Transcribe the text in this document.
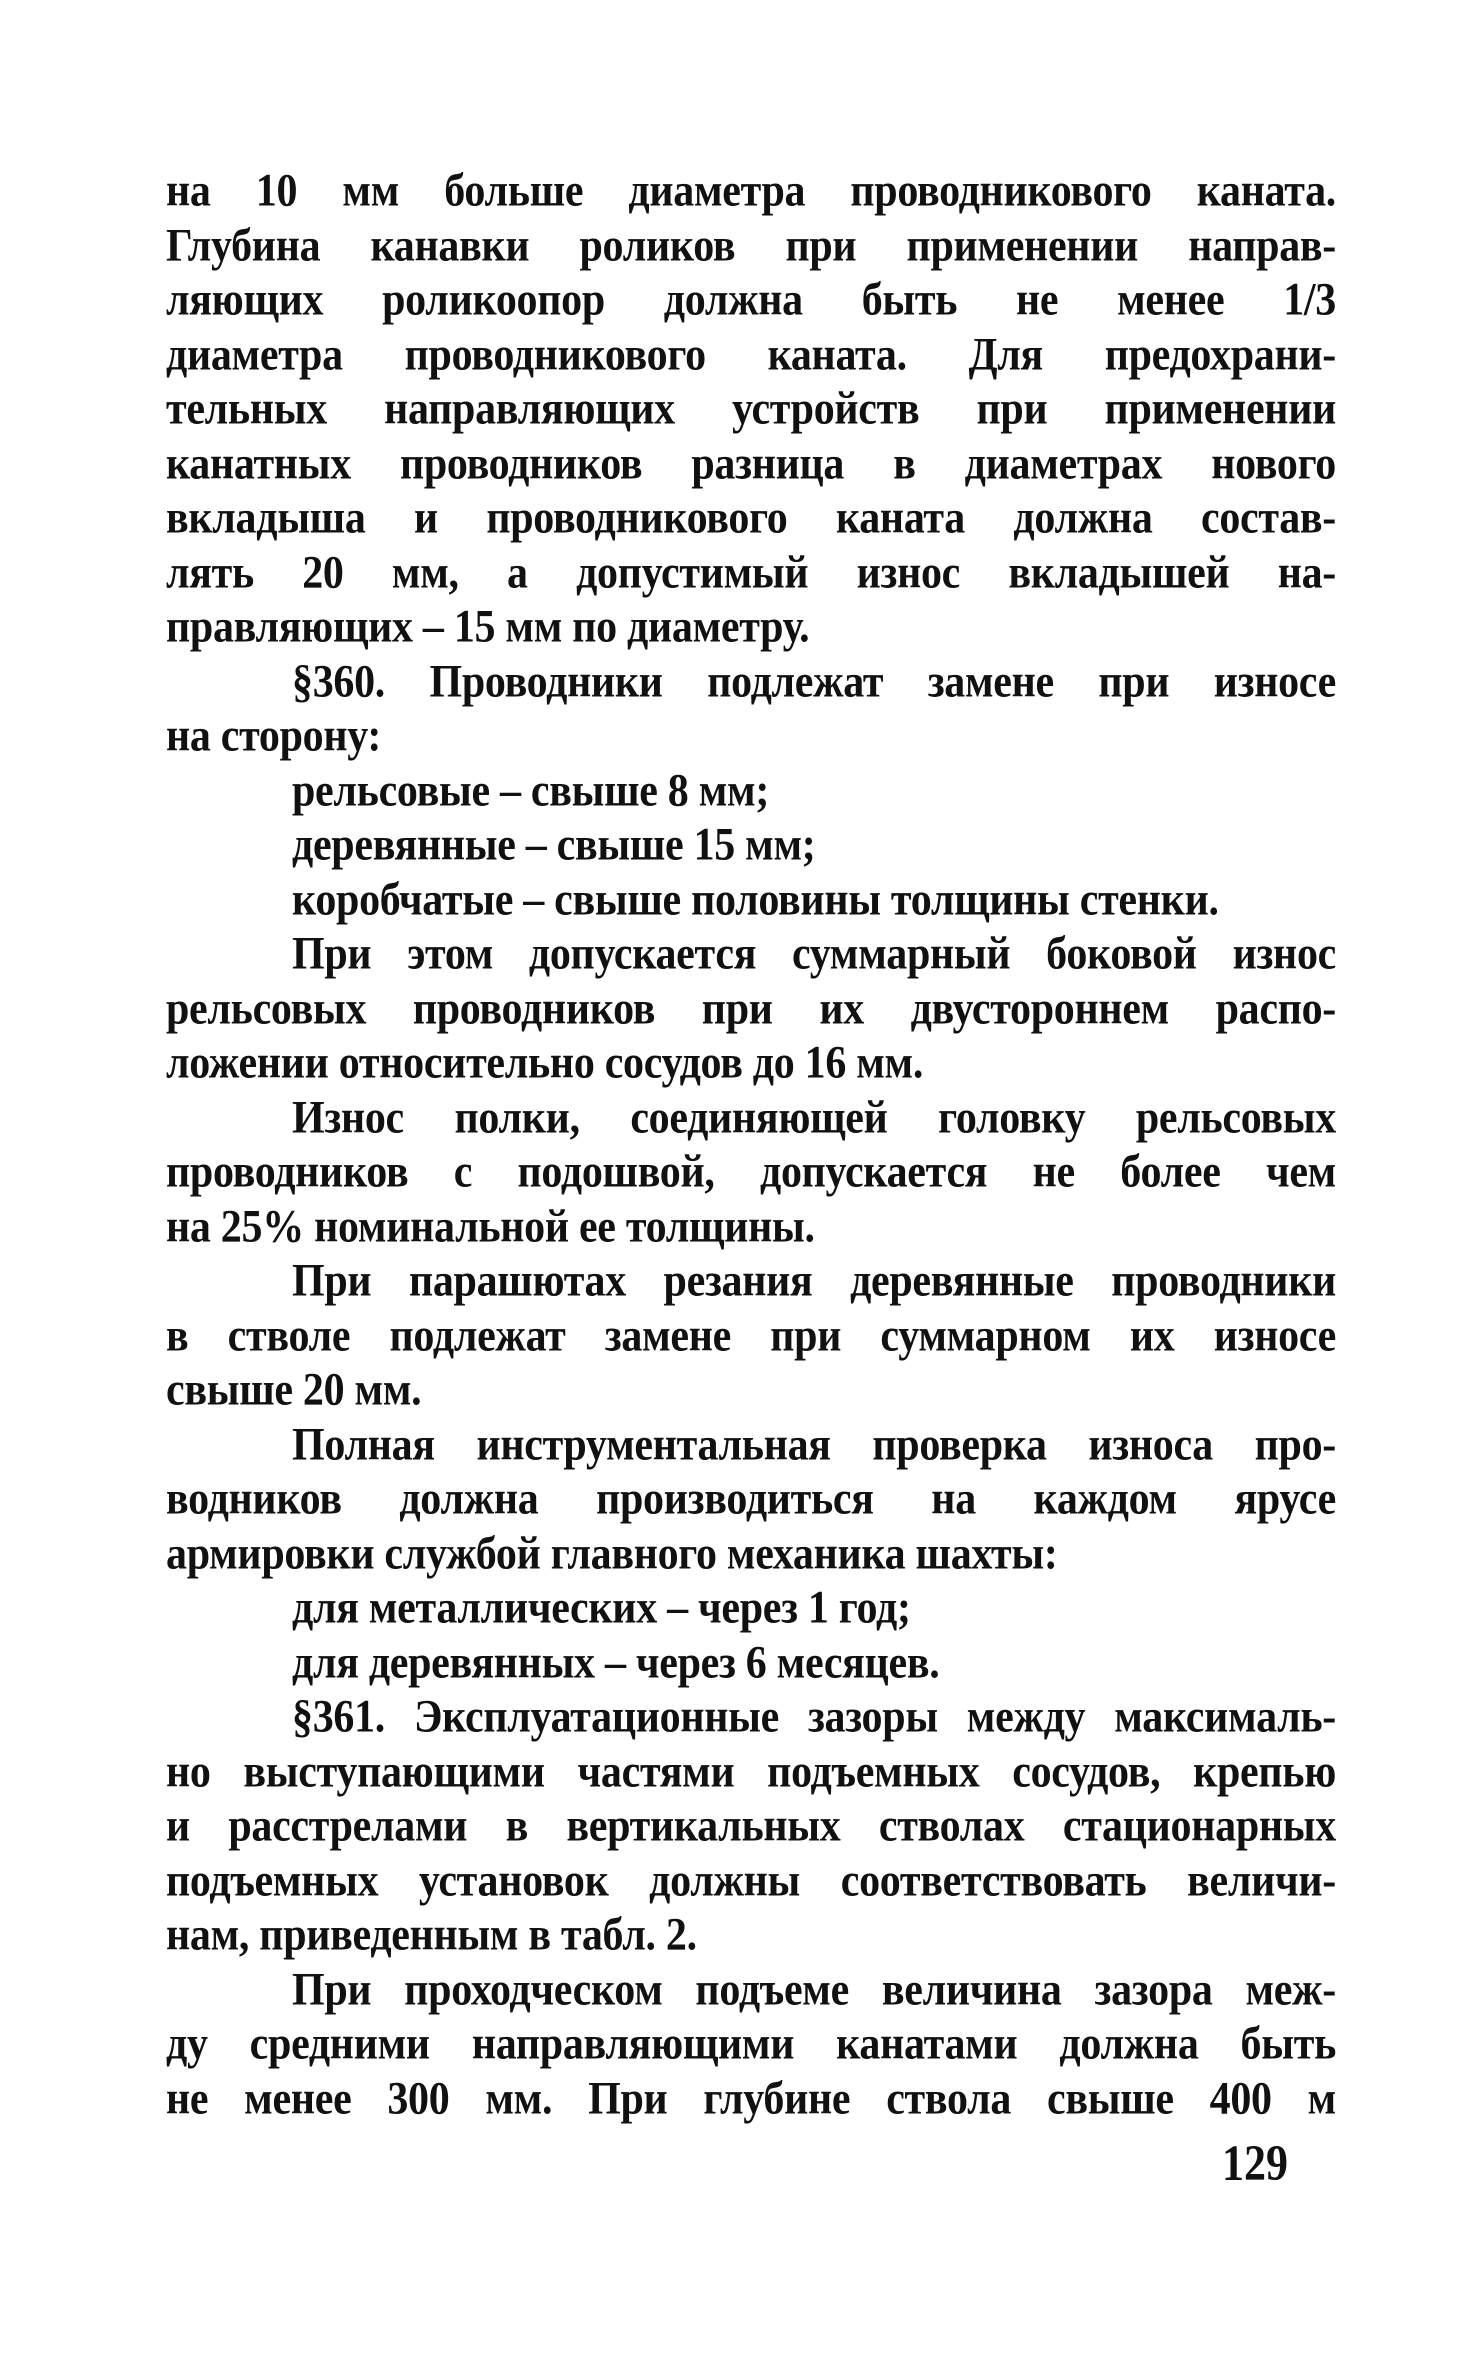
на 10 мм больше диаметра проводникового каната.
Глубина канавки роликов при применении направ-
ляющих роликоопор должна быть не менее 1/3
диаметра проводникового каната. Для предохрани-
тельных направляющих устройств при применении
канатных проводников разница в диаметрах нового
вкладыша и проводникового каната должна состав-
лять 20 мм, а допустимый износ вкладышей на-
правляющих – 15 мм по диаметру.
§360. Проводники подлежат замене при износе
на сторону:
рельсовые – свыше 8 мм;
деревянные – свыше 15 мм;
коробчатые – свыше половины толщины стенки.
При этом допускается суммарный боковой износ
рельсовых проводников при их двустороннем распо-
ложении относительно сосудов до 16 мм.
Износ полки, соединяющей головку рельсовых
проводников с подошвой, допускается не более чем
на 25% номинальной ее толщины.
При парашютах резания деревянные проводники
в стволе подлежат замене при суммарном их износе
свыше 20 мм.
Полная инструментальная проверка износа про-
водников должна производиться на каждом ярусе
армировки службой главного механика шахты:
для металлических – через 1 год;
для деревянных – через 6 месяцев.
§361. Эксплуатационные зазоры между максималь-
но выступающими частями подъемных сосудов, крепью
и расстрелами в вертикальных стволах стационарных
подъемных установок должны соответствовать величи-
нам, приведенным в табл. 2.
При проходческом подъеме величина зазора меж-
ду средними направляющими канатами должна быть
не менее 300 мм. При глубине ствола свыше 400 м
129
